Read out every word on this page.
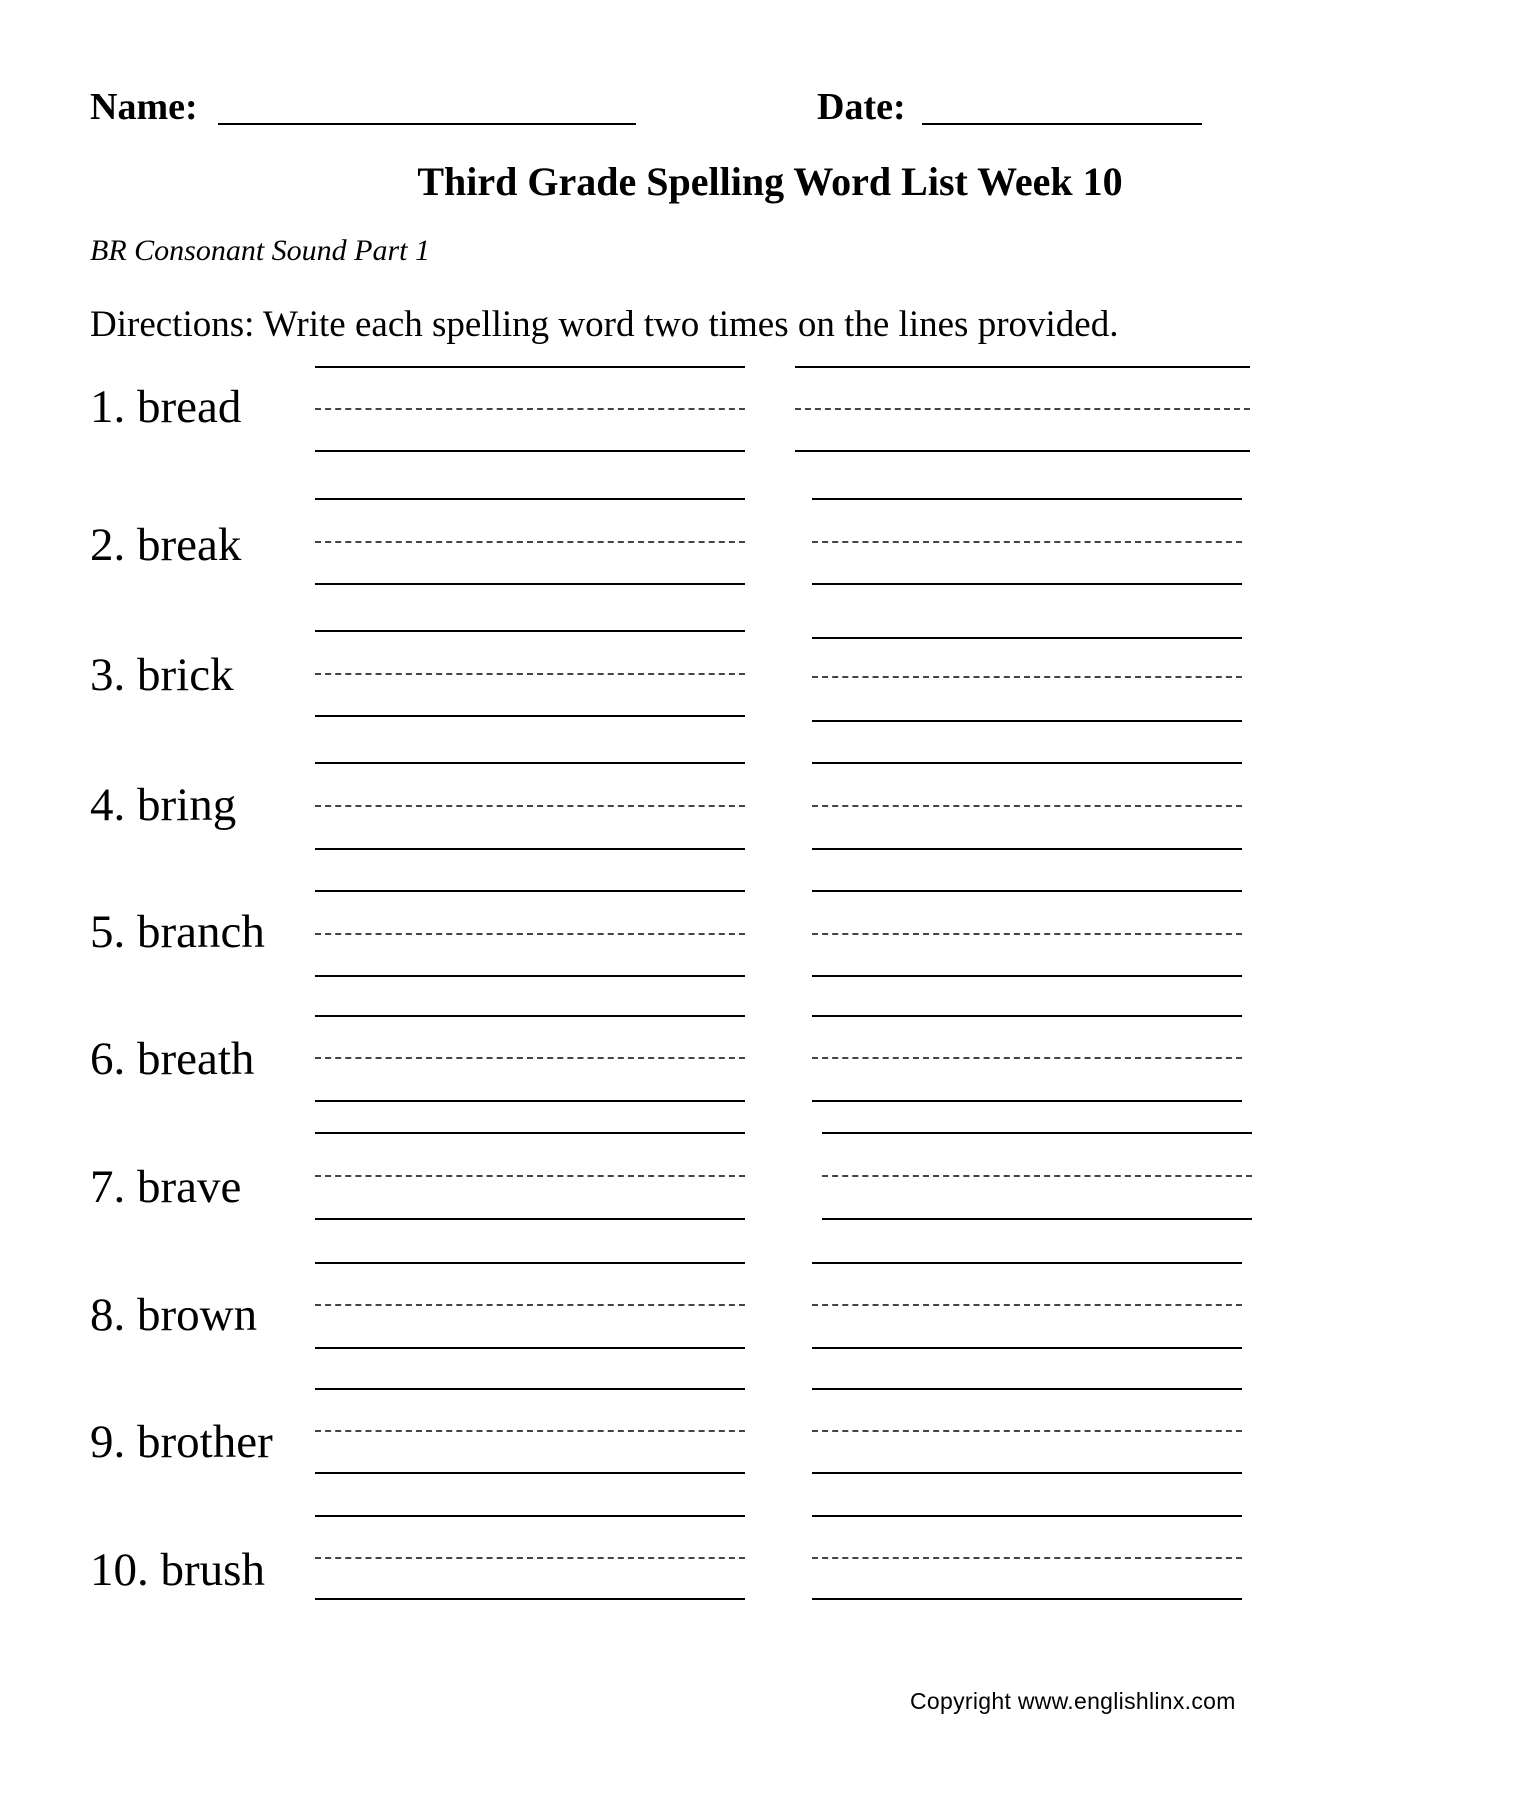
Name:	Date:
Third Grade Spelling Word List Week 10
BR Consonant Sound Part 1
Directions: Write each spelling word two times on the lines provided.
1. bread
2. break
3. brick
4. bring
5. branch
6. breath
7. brave
8. brown
9. brother
10. brush
Copyright www.englishlinx.com
